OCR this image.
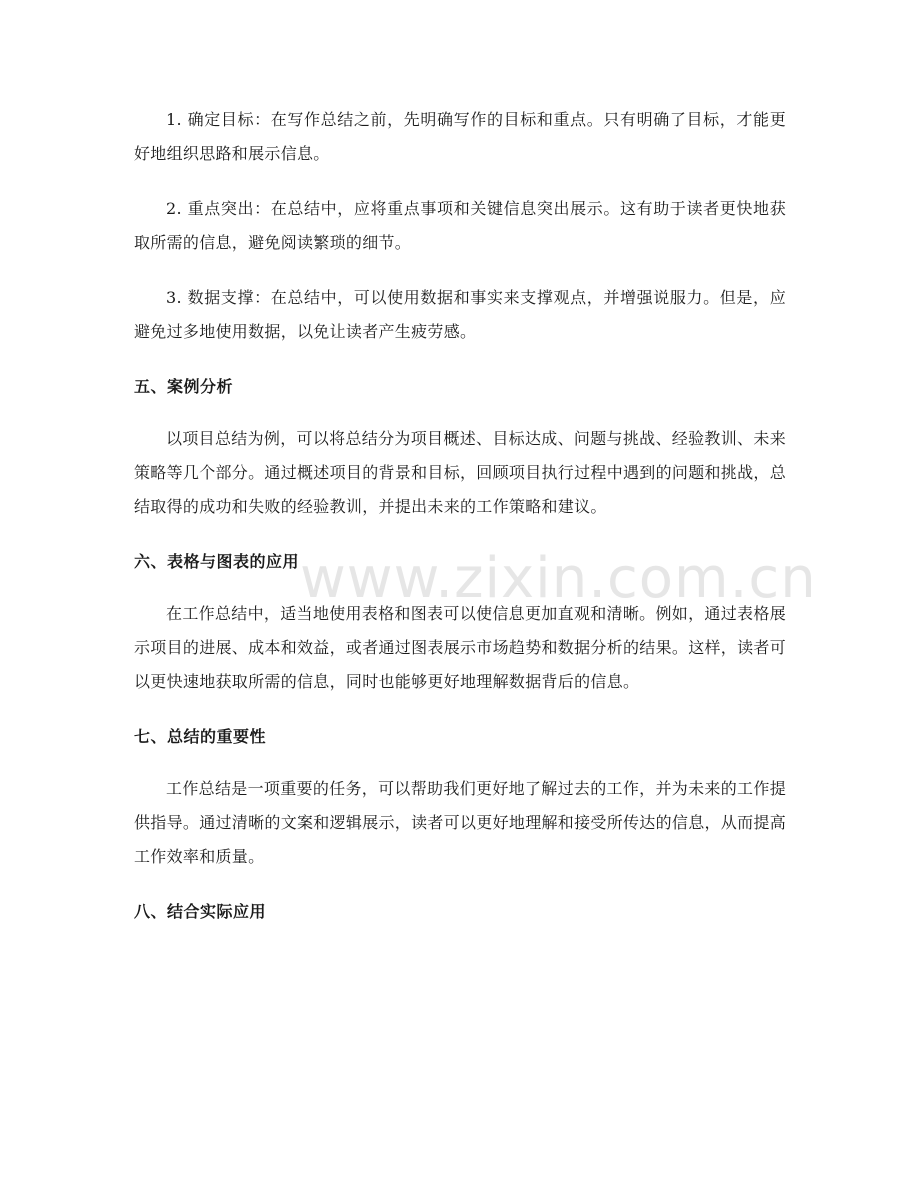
www.zixin.com.cn

1. 确定目标：在写作总结之前，先明确写作的目标和重点。只有明确了目标，才能更好地组织思路和展示信息。

2. 重点突出：在总结中，应将重点事项和关键信息突出展示。这有助于读者更快地获取所需的信息，避免阅读繁琐的细节。

3. 数据支撑：在总结中，可以使用数据和事实来支撑观点，并增强说服力。但是，应避免过多地使用数据，以免让读者产生疲劳感。

五、案例分析

以项目总结为例，可以将总结分为项目概述、目标达成、问题与挑战、经验教训、未来策略等几个部分。通过概述项目的背景和目标，回顾项目执行过程中遇到的问题和挑战，总结取得的成功和失败的经验教训，并提出未来的工作策略和建议。

六、表格与图表的应用

在工作总结中，适当地使用表格和图表可以使信息更加直观和清晰。例如，通过表格展示项目的进展、成本和效益，或者通过图表展示市场趋势和数据分析的结果。这样，读者可以更快速地获取所需的信息，同时也能够更好地理解数据背后的信息。

七、总结的重要性

工作总结是一项重要的任务，可以帮助我们更好地了解过去的工作，并为未来的工作提供指导。通过清晰的文案和逻辑展示，读者可以更好地理解和接受所传达的信息，从而提高工作效率和质量。

八、结合实际应用
